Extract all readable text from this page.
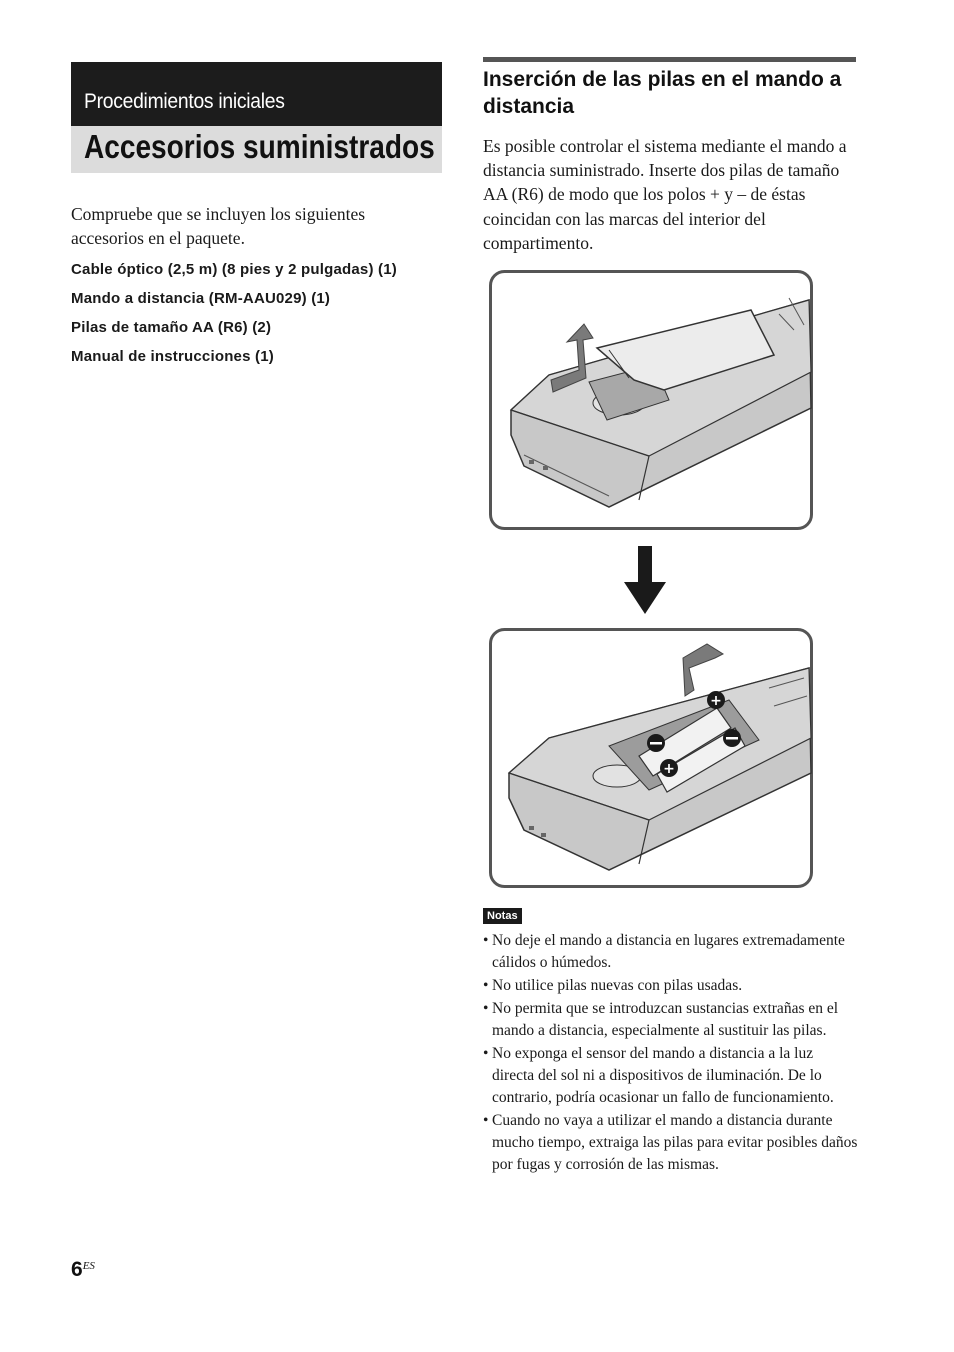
Procedimientos iniciales
Accesorios suministrados
Compruebe que se incluyen los siguientes accesorios en el paquete.
Cable óptico (2,5 m) (8 pies y 2 pulgadas) (1)
Mando a distancia (RM-AAU029) (1)
Pilas de tamaño AA (R6) (2)
Manual de instrucciones (1)
Inserción de las pilas en el mando a distancia
Es posible controlar el sistema mediante el mando a distancia suministrado. Inserte dos pilas de tamaño AA (R6) de modo que los polos + y – de éstas coincidan con las marcas del interior del compartimento.
+
+
Notas
• No deje el mando a distancia en lugares extremadamente cálidos o húmedos.
• No utilice pilas nuevas con pilas usadas.
• No permita que se introduzcan sustancias extrañas en el mando a distancia, especialmente al sustituir las pilas.
• No exponga el sensor del mando a distancia a la luz directa del sol ni a dispositivos de iluminación. De lo contrario, podría ocasionar un fallo de funcionamiento.
• Cuando no vaya a utilizar el mando a distancia durante mucho tiempo, extraiga las pilas para evitar posibles daños por fugas y corrosión de las mismas.
$6^{ES}$
